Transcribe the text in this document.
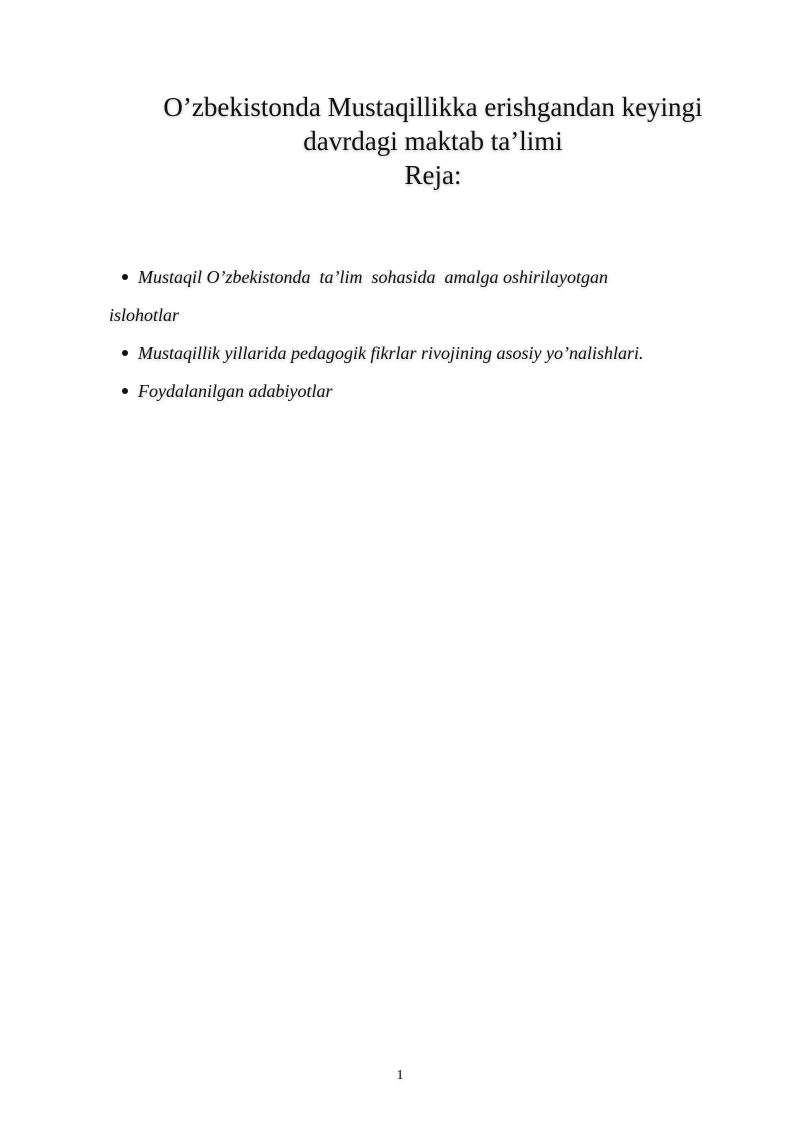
O’zbekistonda Mustaqillikka erishgandan keyingi
davrdagi maktab ta’limi
Reja:
Mustaqil O’zbekistonda  ta’lim  sohasida  amalga oshirilayotgan
islohotlar
Mustaqillik yillarida pedagogik fikrlar rivojining asosiy yo’nalishlari.
Foydalanilgan adabiyotlar
1
